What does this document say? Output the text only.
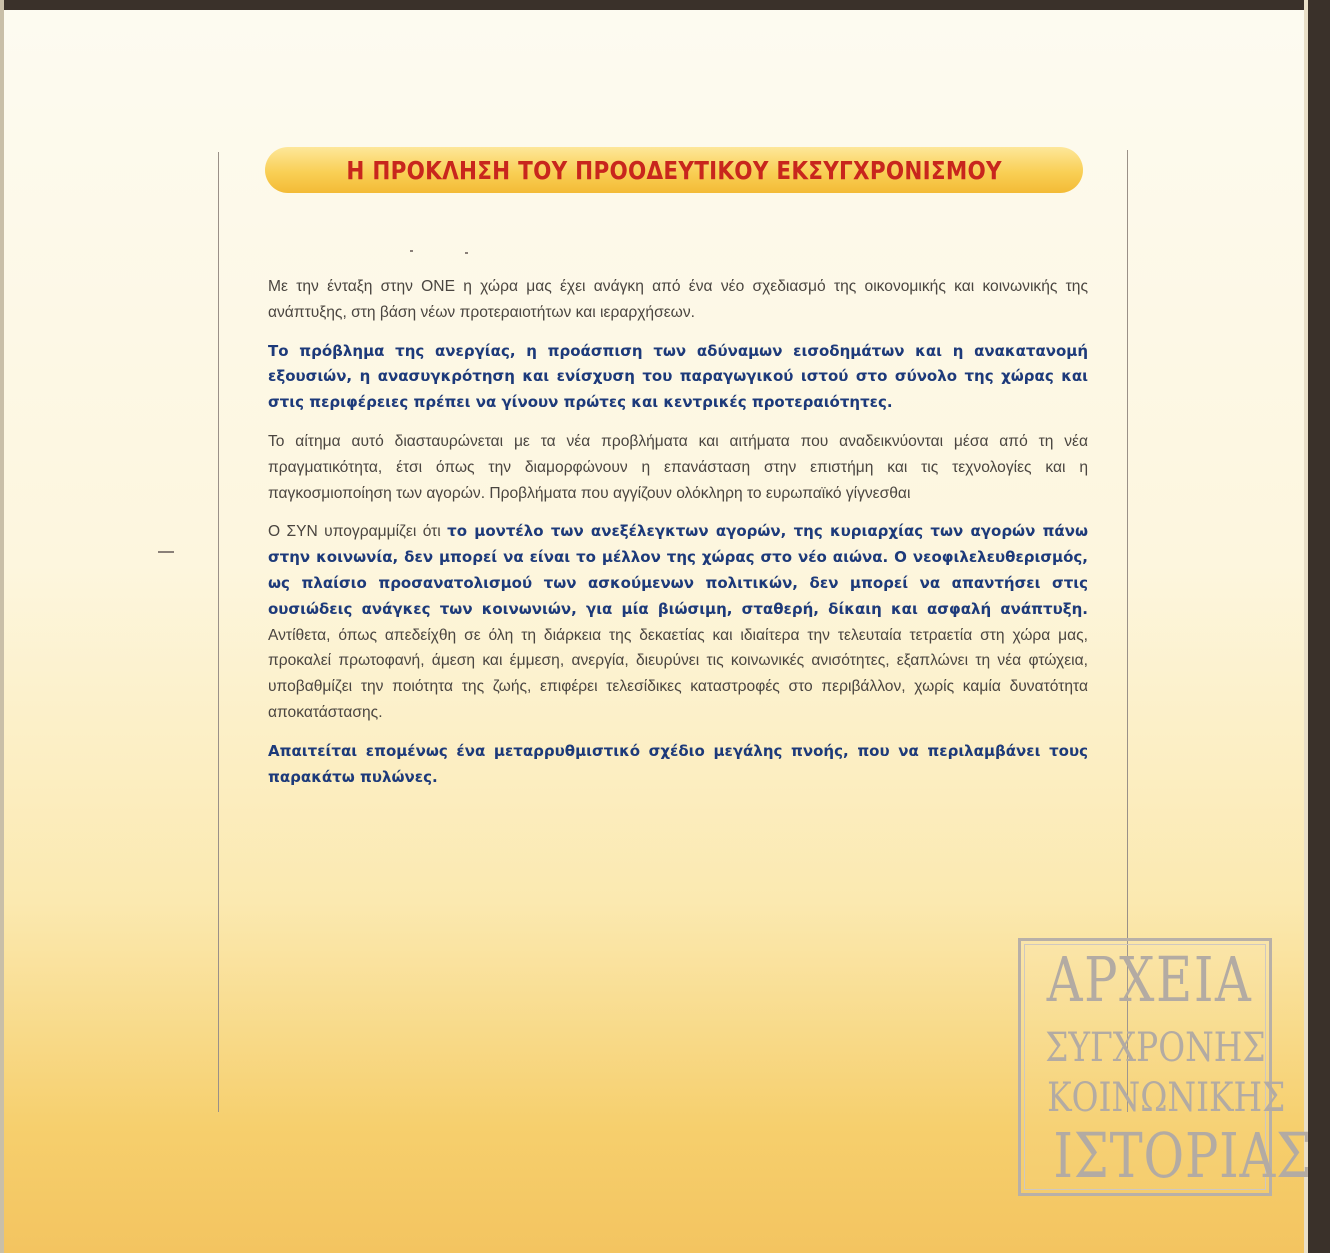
Η ΠΡΟΚΛΗΣΗ ΤΟΥ ΠΡΟΟΔΕΥΤΙΚΟΥ ΕΚΣΥΓΧΡΟΝΙΣΜΟΥ

Με την ένταξη στην ΟΝΕ η χώρα μας έχει ανάγκη από ένα νέο σχεδιασμό της οικονομικής και κοινωνικής της ανάπτυξης, στη βάση νέων προτεραιοτήτων και ιεραρχήσεων.

Το πρόβλημα της ανεργίας, η προάσπιση των αδύναμων εισοδημάτων και η ανακατανομή εξουσιών, η ανασυγκρότηση και ενίσχυση του παραγωγικού ιστού στο σύνολο της χώρας και στις περιφέρειες πρέπει να γίνουν πρώτες και κεντρικές προτεραιότητες.

Το αίτημα αυτό διασταυρώνεται με τα νέα προβλήματα και αιτήματα που αναδεικνύονται μέσα από τη νέα πραγματικότητα, έτσι όπως την διαμορφώνουν η επανάσταση στην επιστήμη και τις τεχνολογίες και η παγκοσμιοποίηση των αγορών. Προβλήματα που αγγίζουν ολόκληρη το ευρωπαϊκό γίγνεσθαι

Ο ΣΥΝ υπογραμμίζει ότι το μοντέλο των ανεξέλεγκτων αγορών, της κυριαρχίας των αγορών πάνω στην κοινωνία, δεν μπορεί να είναι το μέλλον της χώρας στο νέο αιώνα. Ο νεοφιλελευθερισμός, ως πλαίσιο προσανατολισμού των ασκούμενων πολιτικών, δεν μπορεί να απαντήσει στις ουσιώδεις ανάγκες των κοινωνιών, για μία βιώσιμη, σταθερή, δίκαιη και ασφαλή ανάπτυξη. Αντίθετα, όπως απεδείχθη σε όλη τη διάρκεια της δεκαετίας και ιδιαίτερα την τελευταία τετραετία στη χώρα μας, προκαλεί πρωτοφανή, άμεση και έμμεση, ανεργία, διευρύνει τις κοινωνικές ανισότητες, εξαπλώνει τη νέα φτώχεια, υποβαθμίζει την ποιότητα της ζωής, επιφέρει τελεσίδικες καταστροφές στο περιβάλλον, χωρίς καμία δυνατότητα αποκατάστασης.

Απαιτείται επομένως ένα μεταρρυθμιστικό σχέδιο μεγάλης πνοής, που να περιλαμβάνει τους παρακάτω πυλώνες.

ΑΡΧΕΙΑ
ΣΥΓΧΡΟΝΗΣ
ΚΟΙΝΩΝΙΚΗΣ
ΙΣΤΟΡΙΑΣ
